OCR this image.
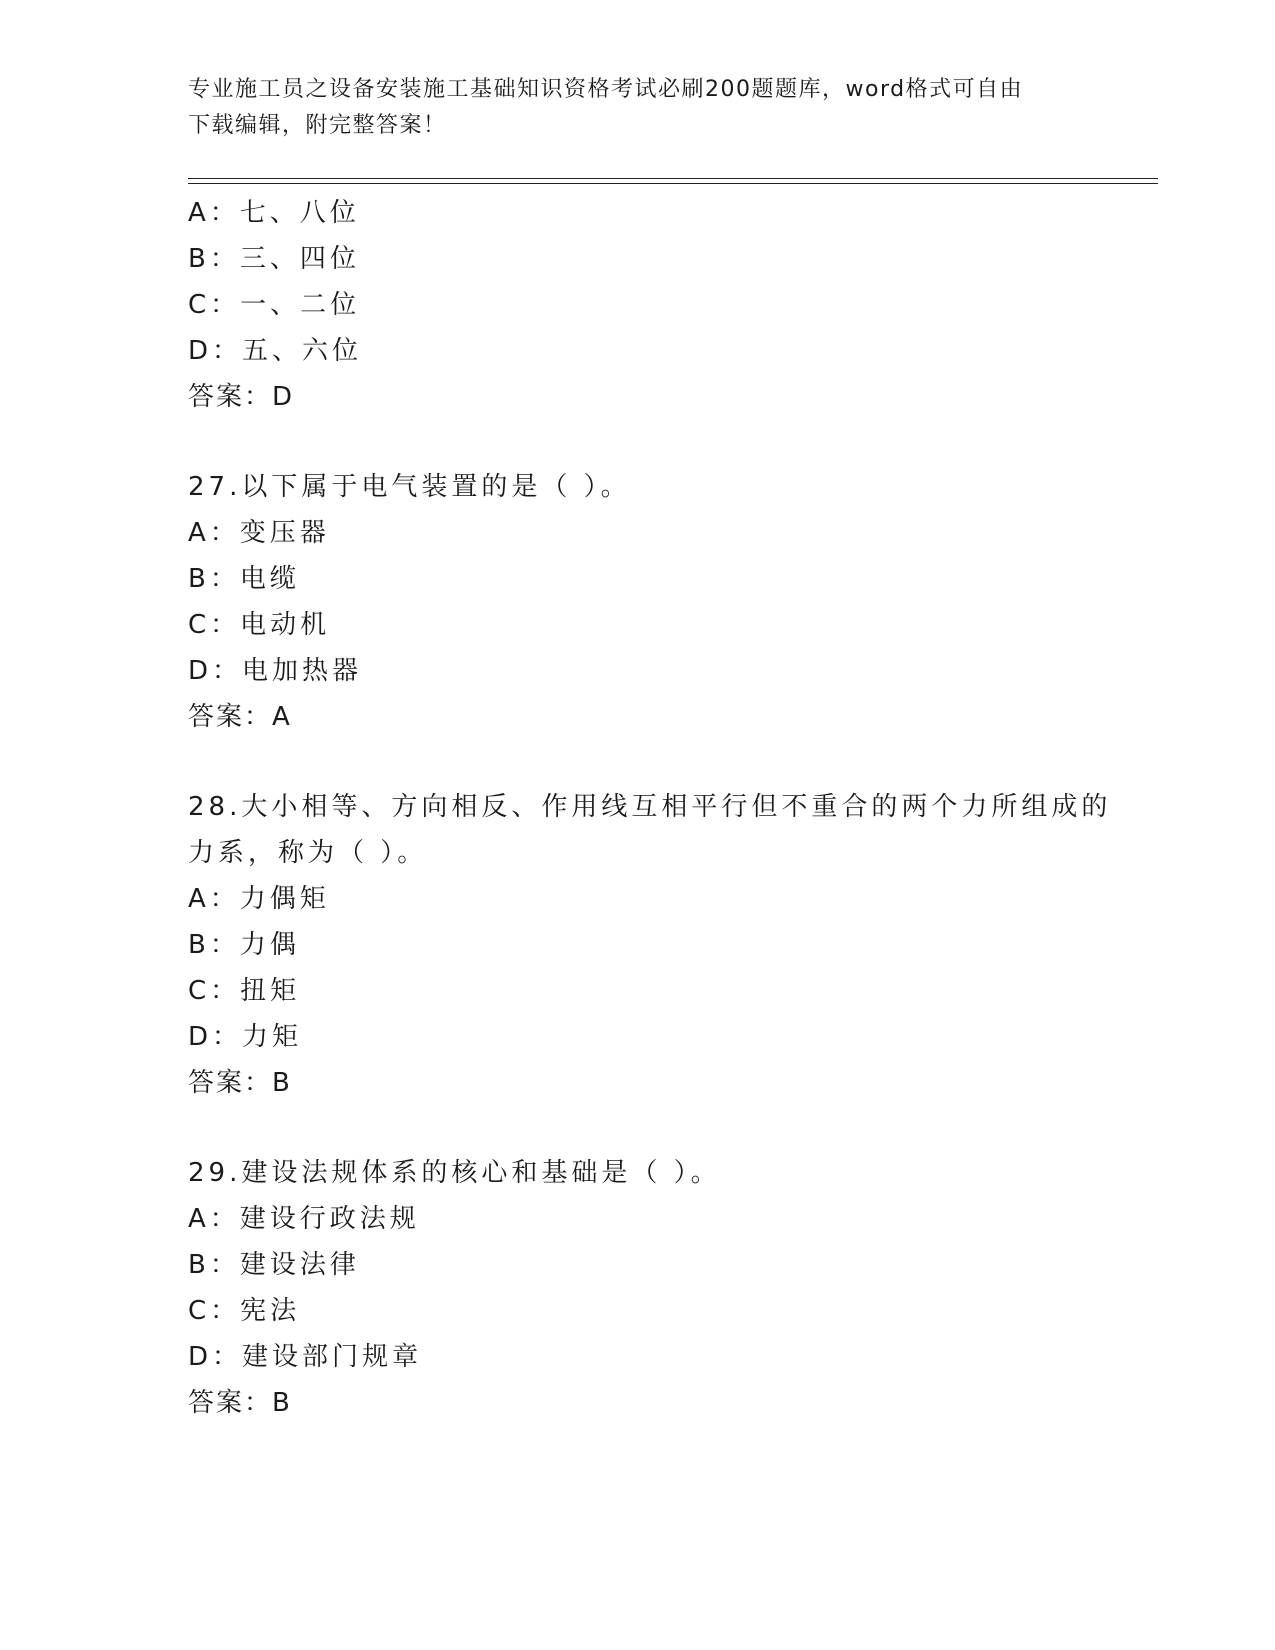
专业施工员之设备安装施工基础知识资格考试必刷200题题库，word格式可自由
下载编辑，附完整答案！
A：七、八位
B：三、四位
C：一、二位
D：五、六位
答案：D
27.以下属于电气装置的是（ ）。
A：变压器
B：电缆
C：电动机
D：电加热器
答案：A
28.大小相等、方向相反、作用线互相平行但不重合的两个力所组成的
力系，称为（ ）。
A：力偶矩
B：力偶
C：扭矩
D：力矩
答案：B
29.建设法规体系的核心和基础是（ ）。
A：建设行政法规
B：建设法律
C：宪法
D：建设部门规章
答案：B
